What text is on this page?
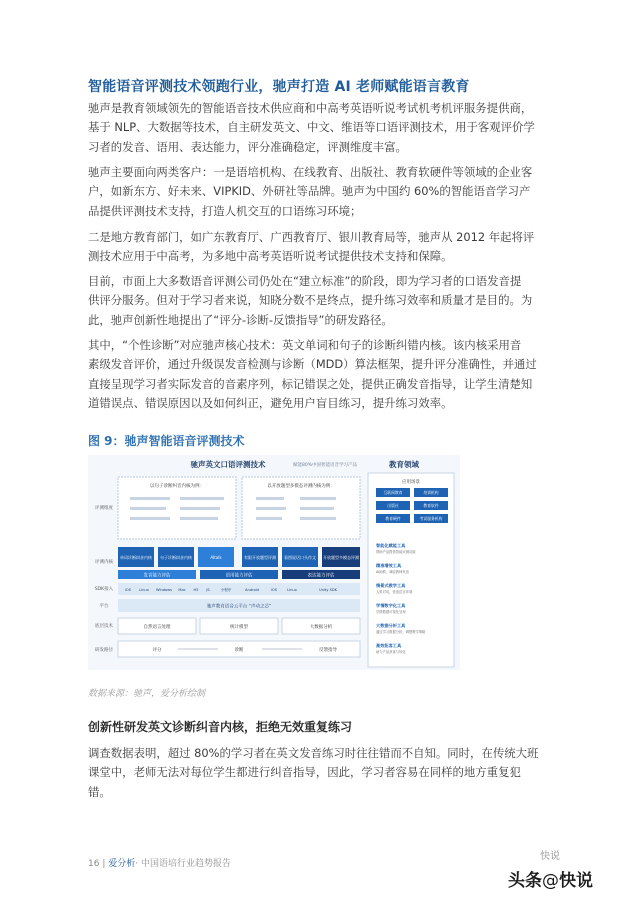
智能语音评测技术领跑行业，驰声打造 AI 老师赋能语言教育
驰声是教育领域领先的智能语音技术供应商和中高考英语听说考试机考机评服务提供商，
基于 NLP、大数据等技术，自主研发英文、中文、维语等口语评测技术，用于客观评价学
习者的发音、语用、表达能力，评分准确稳定，评测维度丰富。
驰声主要面向两类客户：一是语培机构、在线教育、出版社、教育软硬件等领域的企业客
户，如新东方、好未来、VIPKID、外研社等品牌。驰声为中国约 60%的智能语音学习产
品提供评测技术支持，打造人机交互的口语练习环境；
二是地方教育部门，如广东教育厅、广西教育厅、银川教育局等，驰声从 2012 年起将评
测技术应用于中高考，为多地中高考英语听说考试提供技术支持和保障。
目前，市面上大多数语音评测公司仍处在“建立标准”的阶段，即为学习者的口语发音提
供评分服务。但对于学习者来说，知晓分数不是终点，提升练习效率和质量才是目的。为
此，驰声创新性地提出了“评分-诊断-反馈指导”的研发路径。
其中，“个性诊断”对应驰声核心技术：英文单词和句子的诊断纠错内核。该内核采用音
素级发音评价，通过升级误发音检测与诊断（MDD）算法框架，提升评分准确性，并通过
直接呈现学习者实际发音的音素序列，标记错误之处，提供正确发音指导，让学生清楚知
道错误点、错误原因以及如何纠正，避免用户盲目练习，提升练习效率。
图 9：驰声智能语音评测技术
驰声英文口语评测技术	赋能80%中国智能语音学习产品	教育领域
评测维度
评测内核
SDK接入
平台
底层技术
研发路径
以句子诊断纠音内核为例：	以开放题型多模态评测内核为例：
单词诊断纠音内核 句子诊断纠音内核	AItalk	有限开放题型评测 看图说话口头作文 开放题型多模态评测
发音能力评估	语用能力评估	表达能力评估
iOS Linux Windows Mac H5 JS	小程序	Android	iOS	Linux	Unity SDK
驰声教育语音云平台 “声动之芯”
自然语言处理	统计模型	大数据分析
评分	诊断	反馈指导
应用场景
互联网教育	培训机构
出版社	教育软件
教育硬件	考试服务机构
智能化赋能工具
帮助产品提供智能评测功能
精准增效工具
AI助教，减轻教师负担
情景式教学工具
人机对话，营造语言环境
学情数字化工具
学情数据可视化呈现
大数据分析工具
通过学习数据分析，调整教学策略
高效拓客工具
助力产品获客与转化
数据来源：驰声，爱分析绘制
创新性研发英文诊断纠音内核，拒绝无效重复练习
调查数据表明，超过 80%的学习者在英文发音练习时往往错而不自知。同时，在传统大班
课堂中，老师无法对每位学生都进行纠音指导，因此，学习者容易在同样的地方重复犯
错。
16 | 爱分析· 中国语培行业趋势报告
快说
头条@快说
